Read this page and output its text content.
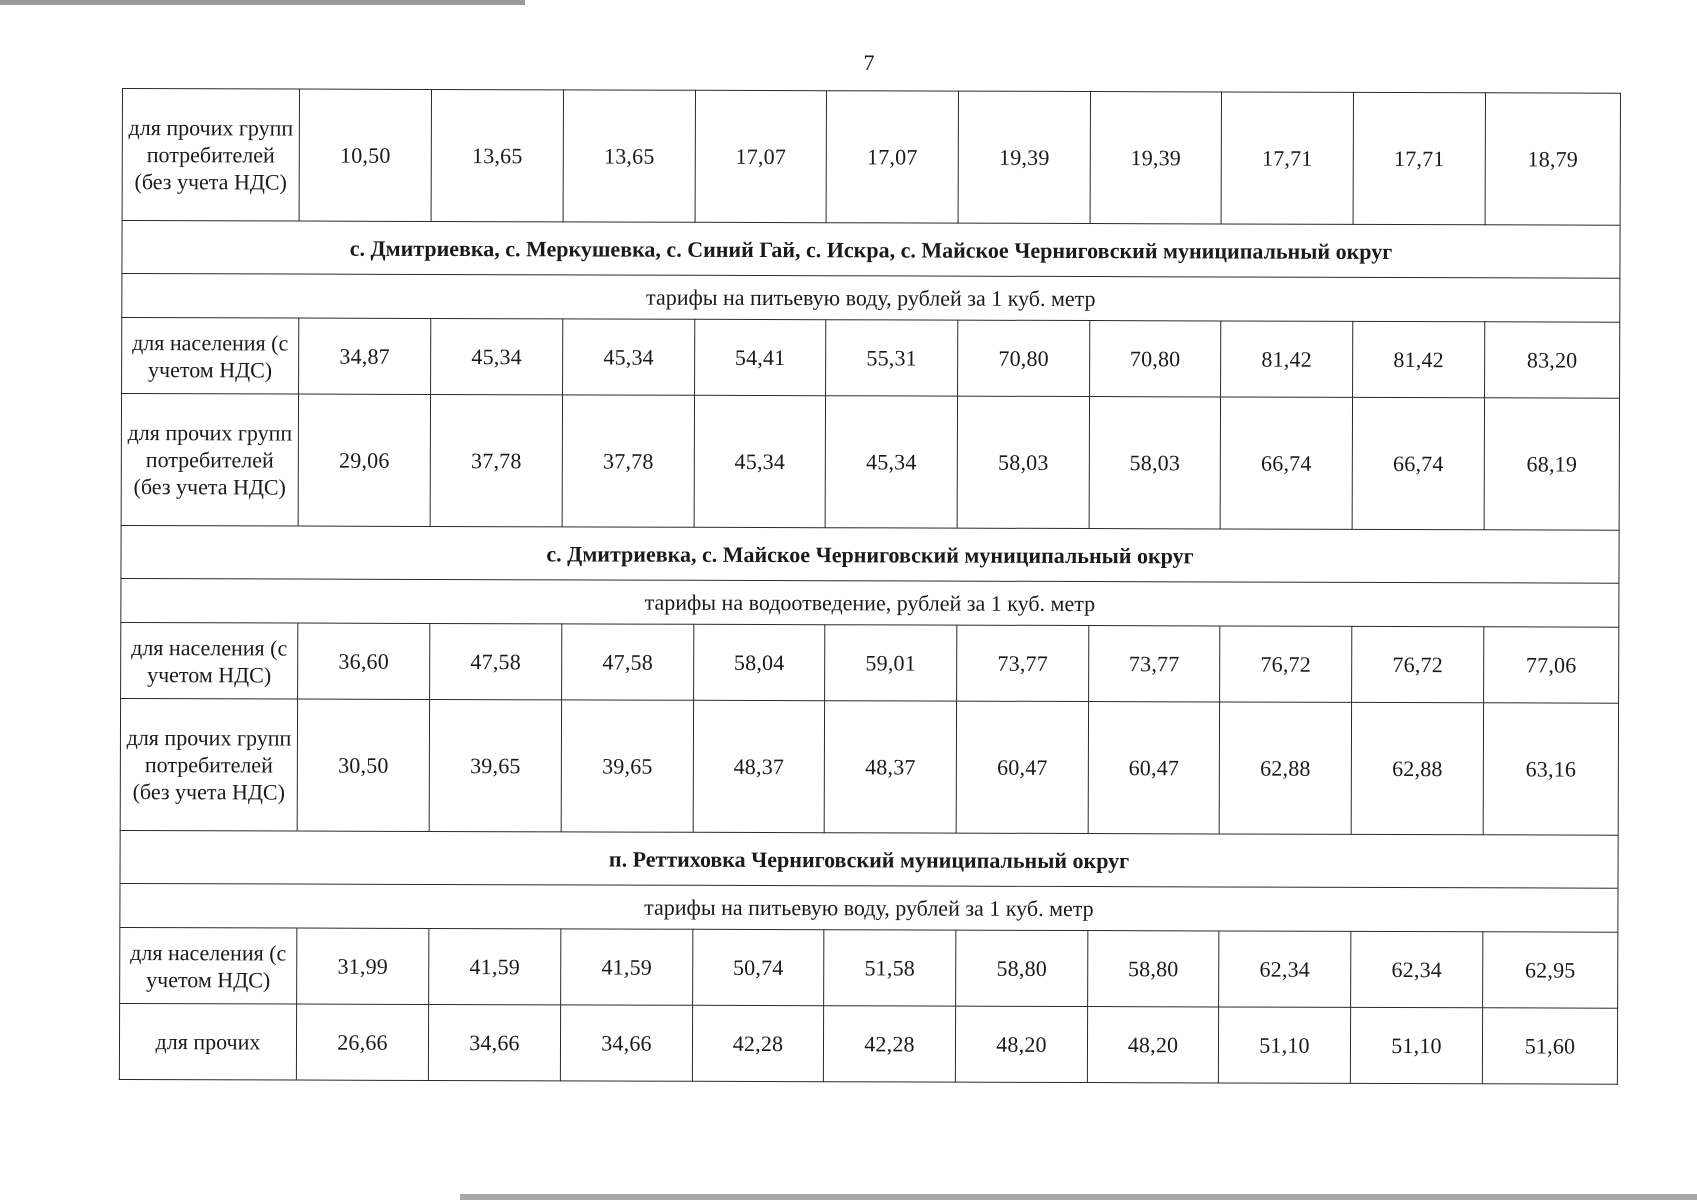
7
для прочих групп потребителей (без учета НДС)	10,50	13,65	13,65	17,07	17,07	19,39	19,39	17,71	17,71	18,79
с. Дмитриевка, с. Меркушевка, с. Синий Гай, с. Искра, с. Майское Черниговский муниципальный округ										
тарифы на питьевую воду, рублей за 1 куб. метр										
для населения (с учетом НДС)	34,87	45,34	45,34	54,41	55,31	70,80	70,80	81,42	81,42	83,20
для прочих групп потребителей (без учета НДС)	29,06	37,78	37,78	45,34	45,34	58,03	58,03	66,74	66,74	68,19
с. Дмитриевка, с. Майское Черниговский муниципальный округ										
тарифы на водоотведение, рублей за 1 куб. метр										
для населения (с учетом НДС)	36,60	47,58	47,58	58,04	59,01	73,77	73,77	76,72	76,72	77,06
для прочих групп потребителей (без учета НДС)	30,50	39,65	39,65	48,37	48,37	60,47	60,47	62,88	62,88	63,16
п. Реттиховка Черниговский муниципальный округ										
тарифы на питьевую воду, рублей за 1 куб. метр										
для населения (с учетом НДС)	31,99	41,59	41,59	50,74	51,58	58,80	58,80	62,34	62,34	62,95
для прочих	26,66	34,66	34,66	42,28	42,28	48,20	48,20	51,10	51,10	51,60
